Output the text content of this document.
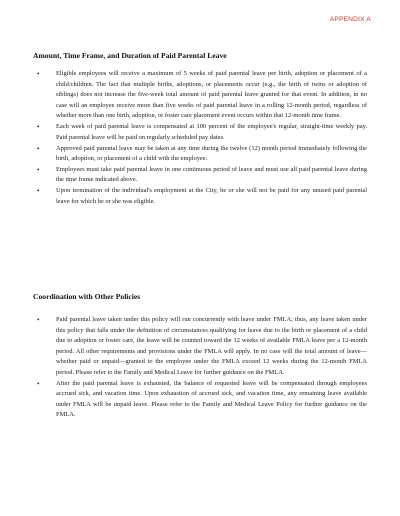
APPENDIX A
Amount, Time Frame, and Duration of Paid Parental Leave
•	Eligible employees will receive a maximum of 5 weeks of paid parental leave per birth, adoption or placement of a child/children. The fact that multiple births, adoptions, or placements occur (e.g., the birth of twins or adoption of siblings) does not increase the five-week total amount of paid parental leave granted for that event. In addition, in no case will an employee receive more than five weeks of paid parental leave in a rolling 12-month period, regardless of whether more than one birth, adoption, or foster care placement event occurs within that 12-month time frame.
•	Each week of paid parental leave is compensated at 100 percent of the employee's regular, straight-time weekly pay. Paid parental leave will be paid on regularly scheduled pay dates.
•	Approved paid parental leave may be taken at any time during the twelve (12) month period immediately following the birth, adoption, or placement of a child with the employee.
•	Employees must take paid parental leave in one continuous period of leave and must use all paid parental leave during the time frame indicated above.
•	Upon termination of the individual's employment at the City, he or she will not be paid for any unused paid parental leave for which he or she was eligible.
Coordination with Other Policies
•	Paid parental leave taken under this policy will run concurrently with leave under FMLA; thus, any leave taken under this policy that falls under the definition of circumstances qualifying for leave due to the birth or placement of a child due to adoption or foster care, the leave will be counted toward the 12 weeks of available FMLA leave per a 12-month period. All other requirements and provisions under the FMLA will apply. In no case will the total amount of leave—whether paid or unpaid—granted to the employee under the FMLA exceed 12 weeks during the 12-month FMLA period. Please refer to the Family and Medical Leave for further guidance on the FMLA.
•	After the paid parental leave is exhausted, the balance of requested leave will be compensated through employees accrued sick, and vacation time. Upon exhaustion of accrued sick, and vacation time, any remaining leave available under FMLA will be unpaid leave. Please refer to the Family and Medical Leave Policy for further guidance on the FMLA.
